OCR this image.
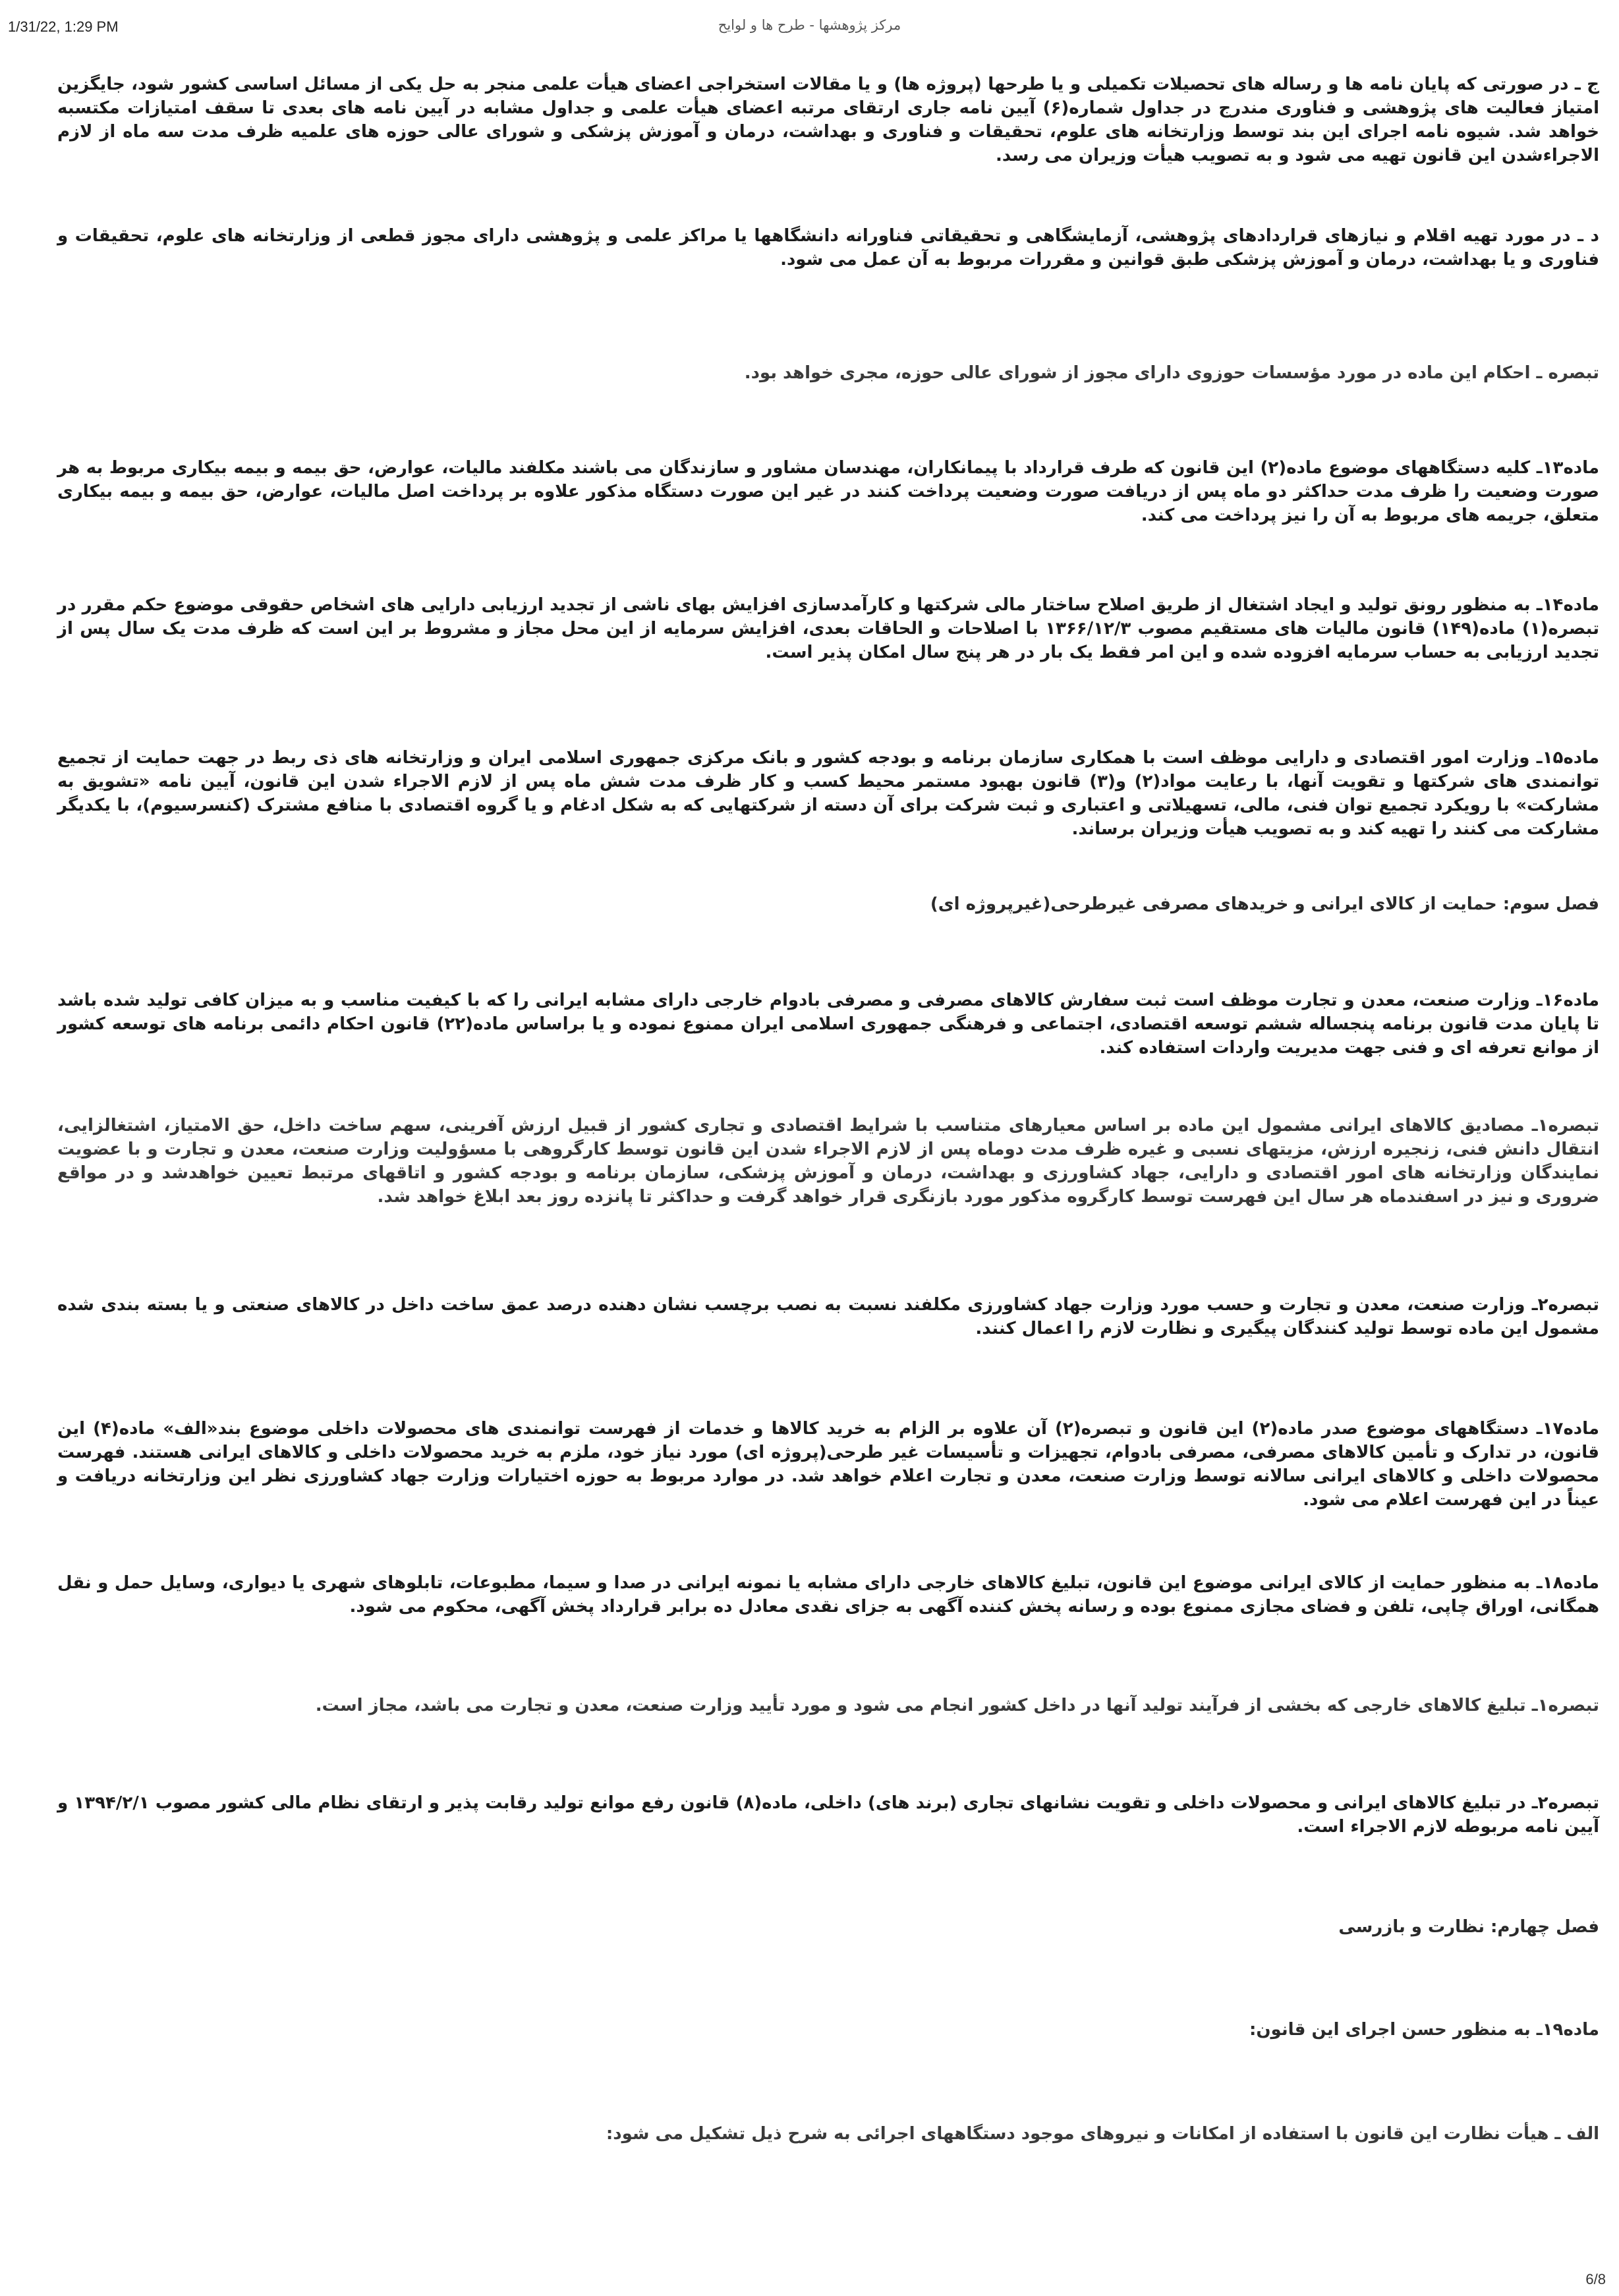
1/31/22, 1:29 PM	مرکز پژوهشها - طرح ها و لوایح

ج ـ در صورتی که پایان نامه ها و رساله های تحصیلات تکمیلی و یا طرحها (پروژه ها) و یا مقالات استخراجی اعضای هیأت علمی منجر به حل یکی از مسائل اساسی کشور شود، جایگزین امتیاز فعالیت های پژوهشی و فناوری مندرج در جداول شماره(۶) آیین نامه جاری ارتقای مرتبه اعضای هیأت علمی و جداول مشابه در آیین نامه های بعدی تا سقف امتیازات مکتسبه خواهد شد. شیوه نامه اجرای این بند توسط وزارتخانه های علوم، تحقیقات و فناوری و بهداشت، درمان و آموزش پزشکی و شورای عالی حوزه های علمیه ظرف مدت سه ماه از لازم الاجراءشدن این قانون تهیه می شود و به تصویب هیأت وزیران می رسد.

د ـ در مورد تهیه اقلام و نیازهای قراردادهای پژوهشی، آزمایشگاهی و تحقیقاتی فناورانه دانشگاهها یا مراکز علمی و پژوهشی دارای مجوز قطعی از وزارتخانه های علوم، تحقیقات و فناوری و یا بهداشت، درمان و آموزش پزشکی طبق قوانین و مقررات مربوط به آن عمل می شود.

تبصره ـ احکام این ماده در مورد مؤسسات حوزوی دارای مجوز از شورای عالی حوزه، مجری خواهد بود.

ماده۱۳ـ کلیه دستگاههای موضوع ماده(۲) این قانون که طرف قرارداد با پیمانکاران، مهندسان مشاور و سازندگان می باشند مکلفند مالیات، عوارض، حق بیمه و بیمه بیکاری مربوط به هر صورت وضعیت را ظرف مدت حداکثر دو ماه پس از دریافت صورت وضعیت پرداخت کنند در غیر این صورت دستگاه مذکور علاوه بر پرداخت اصل مالیات، عوارض، حق بیمه و بیمه بیکاری متعلق، جریمه های مربوط به آن را نیز پرداخت می کند.

ماده۱۴ـ به منظور رونق تولید و ایجاد اشتغال از طریق اصلاح ساختار مالی شرکتها و کارآمدسازی افزایش بهای ناشی از تجدید ارزیابی دارایی های اشخاص حقوقی موضوع حکم مقرر در تبصره(۱) ماده(۱۴۹) قانون مالیات های مستقیم مصوب ۱۳۶۶/۱۲/۳ با اصلاحات و الحاقات بعدی، افزایش سرمایه از این محل مجاز و مشروط بر این است که ظرف مدت یک سال پس از تجدید ارزیابی به حساب سرمایه افزوده شده و این امر فقط یک بار در هر پنج سال امکان پذیر است.

ماده۱۵ـ وزارت امور اقتصادی و دارایی موظف است با همکاری سازمان برنامه و بودجه کشور و بانک مرکزی جمهوری اسلامی ایران و وزارتخانه های ذی ربط در جهت حمایت از تجمیع توانمندی های شرکتها و تقویت آنها، با رعایت مواد(۲) و(۳) قانون بهبود مستمر محیط کسب و کار ظرف مدت شش ماه پس از لازم الاجراء شدن این قانون، آیین نامه «تشویق به مشارکت» با رویکرد تجمیع توان فنی، مالی، تسهیلاتی و اعتباری و ثبت شرکت برای آن دسته از شرکتهایی که به شکل ادغام و یا گروه اقتصادی با منافع مشترک (کنسرسیوم)، با یکدیگر مشارکت می کنند را تهیه کند و به تصویب هیأت وزیران برساند.

فصل سوم: حمایت از کالای ایرانی و خریدهای مصرفی غیرطرحی(غیرپروژه ای)

ماده۱۶ـ وزارت صنعت، معدن و تجارت موظف است ثبت سفارش کالاهای مصرفی و مصرفی بادوام خارجی دارای مشابه ایرانی را که با کیفیت مناسب و به میزان کافی تولید شده باشد تا پایان مدت قانون برنامه پنجساله ششم توسعه اقتصادی، اجتماعی و فرهنگی جمهوری اسلامی ایران ممنوع نموده و یا براساس ماده(۲۲) قانون احکام دائمی برنامه های توسعه کشور از موانع تعرفه ای و فنی جهت مدیریت واردات استفاده کند.

تبصره۱ـ مصادیق کالاهای ایرانی مشمول این ماده بر اساس معیارهای متناسب با شرایط اقتصادی و تجاری کشور از قبیل ارزش آفرینی، سهم ساخت داخل، حق الامتیاز، اشتغالزایی، انتقال دانش فنی، زنجیره ارزش، مزیتهای نسبی و غیره ظرف مدت دوماه پس از لازم الاجراء شدن این قانون توسط کارگروهی با مسؤولیت وزارت صنعت، معدن و تجارت و با عضویت نمایندگان وزارتخانه های امور اقتصادی و دارایی، جهاد کشاورزی و بهداشت، درمان و آموزش پزشکی، سازمان برنامه و بودجه کشور و اتاقهای مرتبط تعیین خواهدشد و در مواقع ضروری و نیز در اسفندماه هر سال این فهرست توسط کارگروه مذکور مورد بازنگری قرار خواهد گرفت و حداکثر تا پانزده روز بعد ابلاغ خواهد شد.

تبصره۲ـ وزارت صنعت، معدن و تجارت و حسب مورد وزارت جهاد کشاورزی مکلفند نسبت به نصب برچسب نشان دهنده درصد عمق ساخت داخل در کالاهای صنعتی و یا بسته بندی شده مشمول این ماده توسط تولید کنندگان پیگیری و نظارت لازم را اعمال کنند.

ماده۱۷ـ دستگاههای موضوع صدر ماده(۲) این قانون و تبصره(۲) آن علاوه بر الزام به خرید کالاها و خدمات از فهرست توانمندی های محصولات داخلی موضوع بند«الف» ماده(۴) این قانون، در تدارک و تأمین کالاهای مصرفی، مصرفی بادوام، تجهیزات و تأسیسات غیر طرحی(پروژه ای) مورد نیاز خود، ملزم به خرید محصولات داخلی و کالاهای ایرانی هستند. فهرست محصولات داخلی و کالاهای ایرانی سالانه توسط وزارت صنعت، معدن و تجارت اعلام خواهد شد. در موارد مربوط به حوزه اختیارات وزارت جهاد کشاورزی نظر این وزارتخانه دریافت و عیناً در این فهرست اعلام می شود.

ماده۱۸ـ به منظور حمایت از کالای ایرانی موضوع این قانون، تبلیغ کالاهای خارجی دارای مشابه یا نمونه ایرانی در صدا و سیما، مطبوعات، تابلوهای شهری یا دیواری، وسایل حمل و نقل همگانی، اوراق چاپی، تلفن و فضای مجازی ممنوع بوده و رسانه پخش کننده آگهی به جزای نقدی معادل ده برابر قرارداد پخش آگهی، محکوم می شود.

تبصره۱ـ تبلیغ کالاهای خارجی که بخشی از فرآیند تولید آنها در داخل کشور انجام می شود و مورد تأیید وزارت صنعت، معدن و تجارت می باشد، مجاز است.

تبصره۲ـ در تبلیغ کالاهای ایرانی و محصولات داخلی و تقویت نشانهای تجاری (برند های) داخلی، ماده(۸) قانون رفع موانع تولید رقابت پذیر و ارتقای نظام مالی کشور مصوب ۱۳۹۴/۲/۱ و آیین نامه مربوطه لازم الاجراء است.

فصل چهارم: نظارت و بازرسی

ماده۱۹ـ به منظور حسن اجرای این قانون:

الف ـ هیأت نظارت این قانون با استفاده از امکانات و نیروهای موجود دستگاههای اجرائی به شرح ذیل تشکیل می شود:

6/8
